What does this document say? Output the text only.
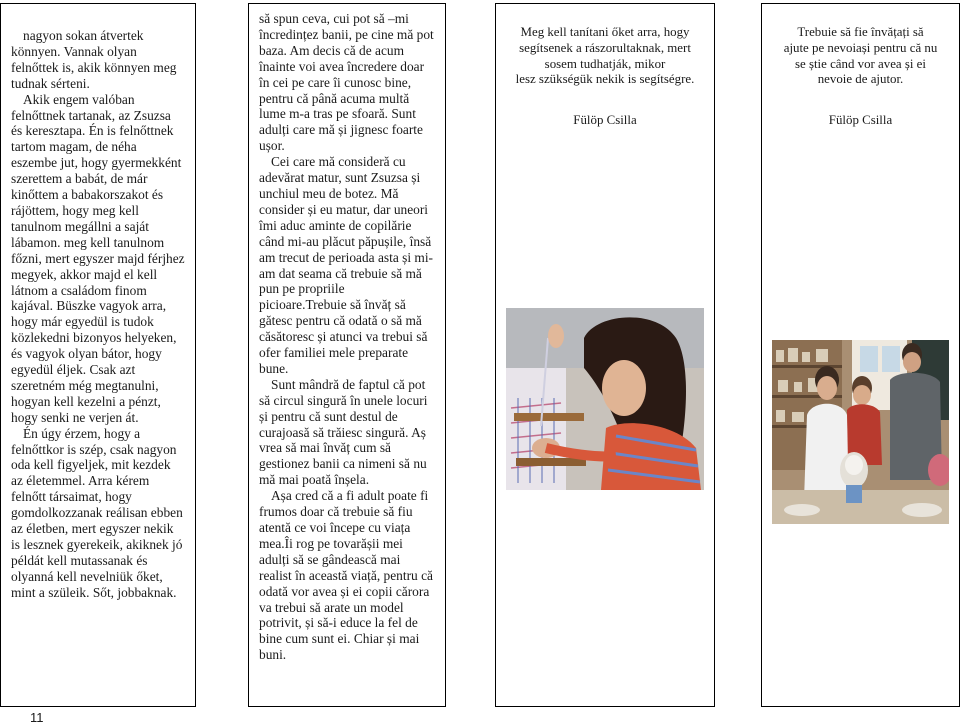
nagyon sokan átvertek könnyen. Vannak olyan felnőttek is, akik könnyen meg tudnak sérteni.

Akik engem valóban felnőttnek tartanak, az Zsuzsa és keresztapa. Én is felnőttnek tartom magam, de néha eszembe jut, hogy gyermekként szerettem a babát, de már kinőttem a babakorszakot és rájöttem, hogy meg kell tanulnom megállni a saját lábamon. meg kell tanulnom főzni, mert egyszer majd férjhez megyek, akkor majd el kell látnom a családom finom kajával. Büszke vagyok arra, hogy már egyedül is tudok közlekedni bizonyos helyeken, és vagyok olyan bátor, hogy egyedül éljek. Csak azt szeretném még megtanulni, hogyan kell kezelni a pénzt, hogy senki ne verjen át.

Én úgy érzem, hogy a felnőttkor is szép, csak nagyon oda kell figyeljek, mit kezdek az életemmel. Arra kérem felnőtt társaimat, hogy gomdolkozzanak reálisan ebben az életben, mert egyszer nekik is lesznek gyerekeik, akiknek jó példát kell mutassanak és olyanná kell nevelniük őket, mint a szüleik. Sőt, jobbaknak.

să spun ceva, cui pot să –mi încredințez banii, pe cine mă pot baza. Am decis că de acum înainte voi avea încredere doar în cei pe care îi cunosc bine, pentru că până acuma multă lume m-a tras pe sfoară. Sunt adulți care mă și jignesc foarte ușor.

Cei care mă consideră cu adevărat matur, sunt Zsuzsa și unchiul meu de botez. Mă consider și eu matur, dar uneori îmi aduc aminte de copilărie când mi-au plăcut păpușile, însă am trecut de perioada asta și mi-am dat seama că trebuie să mă pun pe propriile picioare.Trebuie să învăț să gătesc pentru că odată o să mă căsătoresc și atunci va trebui să ofer familiei mele preparate bune.

Sunt mândră de faptul că pot să circul singură în unele locuri și pentru că sunt destul de curajoasă să trăiesc singură. Aș vrea să mai învăț cum să gestionez banii ca nimeni să nu mă mai poată înșela.

Așa cred că a fi adult poate fi frumos doar că trebuie să fiu atentă ce voi începe cu viața mea.Îi rog pe tovarășii mei adulți să se gândească mai realist în această viață, pentru că odată vor avea și ei copii cărora va trebui să arate un model potrivit, și să-i educe la fel de bine cum sunt ei. Chiar și mai buni.

Meg kell tanítani őket arra, hogy

segítsenek a rászorultaknak, mert

sosem tudhatják, mikor

lesz szükségük nekik is segítségre.

Fülöp Csilla

Trebuie să fie învățați să

ajute pe nevoiași pentru că nu

se știe când vor avea și ei

nevoie de ajutor.

Fülöp Csilla
11
